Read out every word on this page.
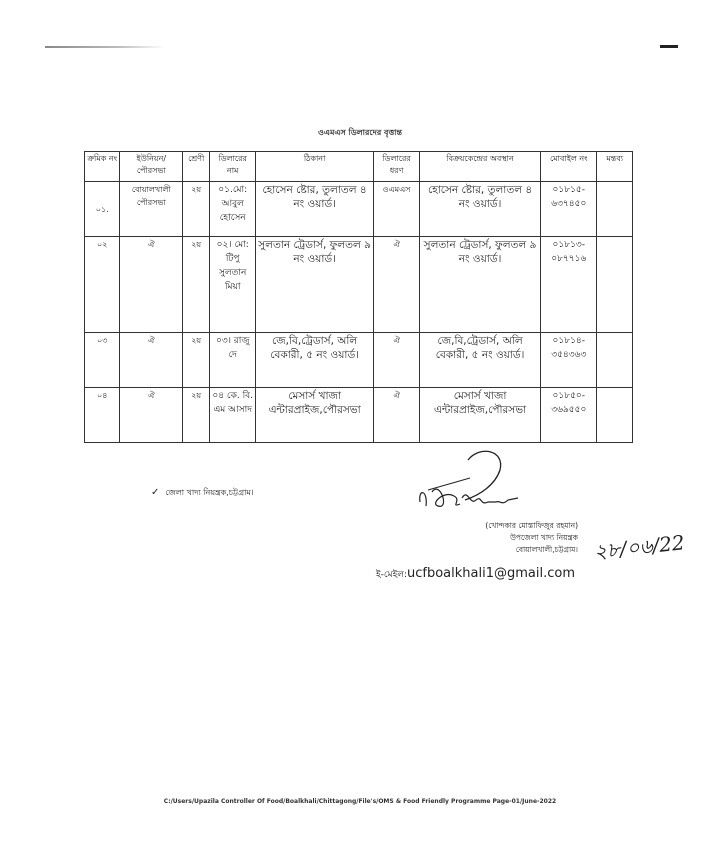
ওএমএস ডিলারদের বৃত্তান্ত
ক্রমিক নং	ইউনিয়ন/ পৌরসভা	শ্রেণী	ডিলারের নাম	ঠিকানা	ডিলারের ধরণ	বিক্রয়কেন্দ্রের অবস্থান	মোবাইল নং	মন্তব্য
০১.	বোয়ালখালী পৌরসভা	২য়	০১.মো: আবুল হোসেন	হোসেন ষ্টোর, তুলাতল ৪ নং ওয়ার্ড।	ওএমএস	হোসেন ষ্টোর, তুলাতল ৪ নং ওয়ার্ড।	০১৮১৫- ৬৩৭৪৫০	
০২	ঐ	২য়	০২। মো: টিপু সুলতান মিয়া	সুলতান ট্রেডার্স, ফুলতল ৯ নং ওয়ার্ড।	ঐ	সুলতান ট্রেডার্স, ফুলতল ৯ নং ওয়ার্ড।	০১৮১৩- ০৮৭৭১৬	
০৩	ঐ	২য়	০৩। রাজু দে	জে,বি,ট্রেডার্স, অলি বেকারী, ৫ নং ওয়ার্ড।	ঐ	জে,বি,ট্রেডার্স, অলি বেকারী, ৫ নং ওয়ার্ড।	০১৮১৪- ৩৫৪৩৬৩	
০৪	ঐ	২য়	০৪ কে. বি. এম আসাদ	মেসার্স খাজা এন্টারপ্রাইজ,পৌরসভা	ঐ	মেসার্স খাজা এন্টারপ্রাইজ,পৌরসভা	০১৮৫০- ৩৬৯৫৫০	
✓ জেলা খাদ্য নিয়ন্ত্রক,চট্টগ্রাম।
(খোন্দকার মোস্তাফিজুর রহমান)
উপজেলা খাদ্য নিয়ন্ত্রক
বোয়ালখালী,চট্টগ্রাম। ২৮/০৬/22
ই-মেইল:ucfboalkhali1@gmail.com
C:/Users/Upazila Controller Of Food/Boalkhali/Chittagong/File's/OMS & Food Friendly Programme Page-01/June-2022
